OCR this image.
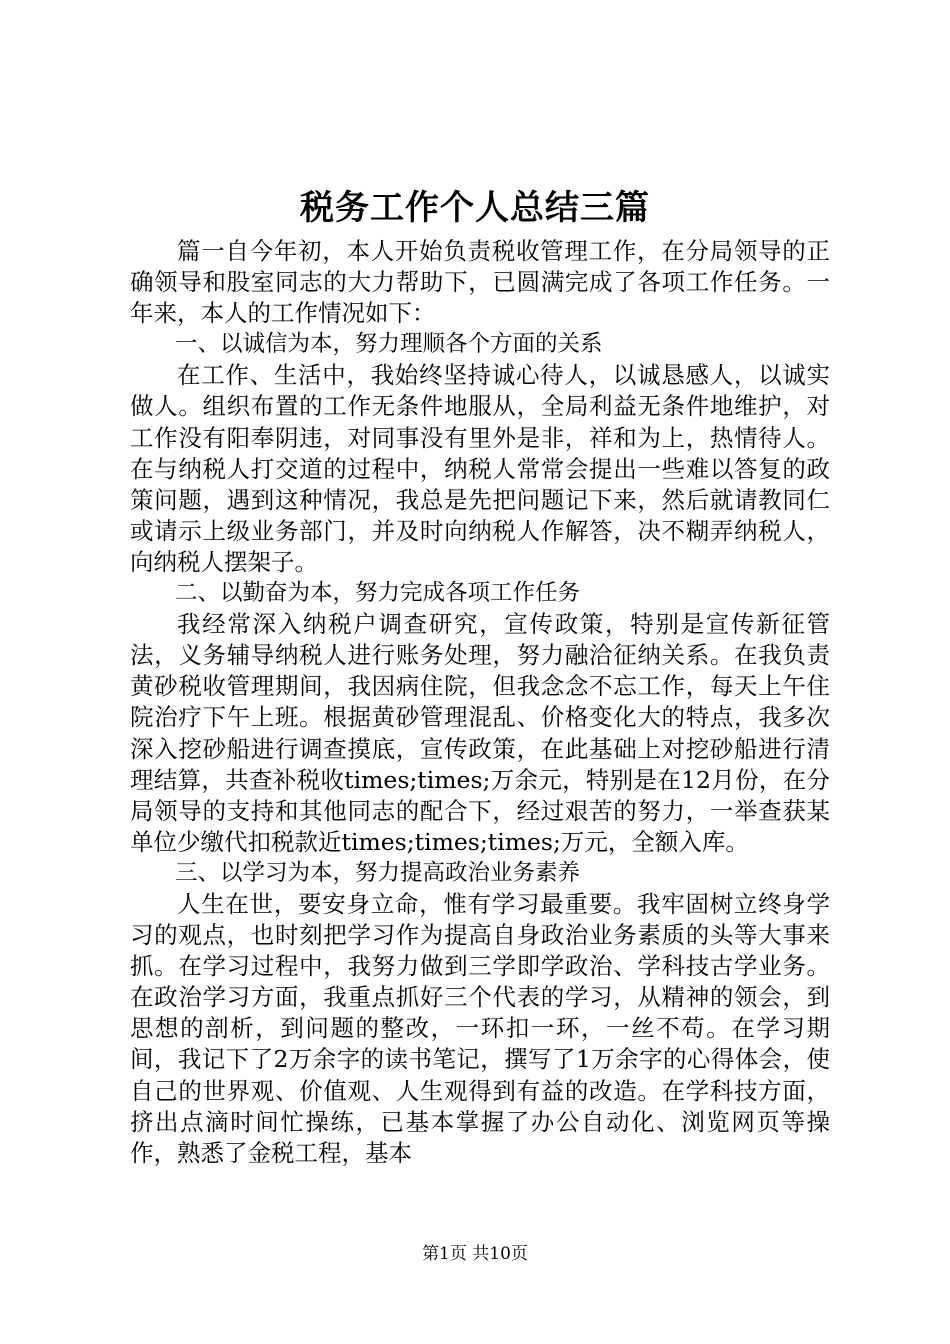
税务工作个人总结三篇

篇一自今年初，本人开始负责税收管理工作，在分局领导的正确领导和股室同志的大力帮助下，已圆满完成了各项工作任务。一年来，本人的工作情况如下：

一、以诚信为本，努力理顺各个方面的关系

在工作、生活中，我始终坚持诚心待人，以诚恳感人，以诚实做人。组织布置的工作无条件地服从，全局利益无条件地维护，对工作没有阳奉阴违，对同事没有里外是非，祥和为上，热情待人。在与纳税人打交道的过程中，纳税人常常会提出一些难以答复的政策问题，遇到这种情况，我总是先把问题记下来，然后就请教同仁或请示上级业务部门，并及时向纳税人作解答，决不糊弄纳税人，向纳税人摆架子。

二、以勤奋为本，努力完成各项工作任务

我经常深入纳税户调查研究，宣传政策，特别是宣传新征管法，义务辅导纳税人进行账务处理，努力融洽征纳关系。在我负责黄砂税收管理期间，我因病住院，但我念念不忘工作，每天上午住院治疗下午上班。根据黄砂管理混乱、价格变化大的特点，我多次深入挖砂船进行调查摸底，宣传政策，在此基础上对挖砂船进行清理结算，共查补税收times;times;万余元，特别是在12月份，在分局领导的支持和其他同志的配合下，经过艰苦的努力，一举查获某单位少缴代扣税款近times;times;times;万元，全额入库。

三、以学习为本，努力提高政治业务素养

人生在世，要安身立命，惟有学习最重要。我牢固树立终身学习的观点，也时刻把学习作为提高自身政治业务素质的头等大事来抓。在学习过程中，我努力做到三学即学政治、学科技古学业务。在政治学习方面，我重点抓好三个代表的学习，从精神的领会，到思想的剖析，到问题的整改，一环扣一环，一丝不苟。在学习期间，我记下了2万余字的读书笔记，撰写了1万余字的心得体会，使自己的世界观、价值观、人生观得到有益的改造。在学科技方面，挤出点滴时间忙操练，已基本掌握了办公自动化、浏览网页等操作，熟悉了金税工程，基本

第1页 共10页
